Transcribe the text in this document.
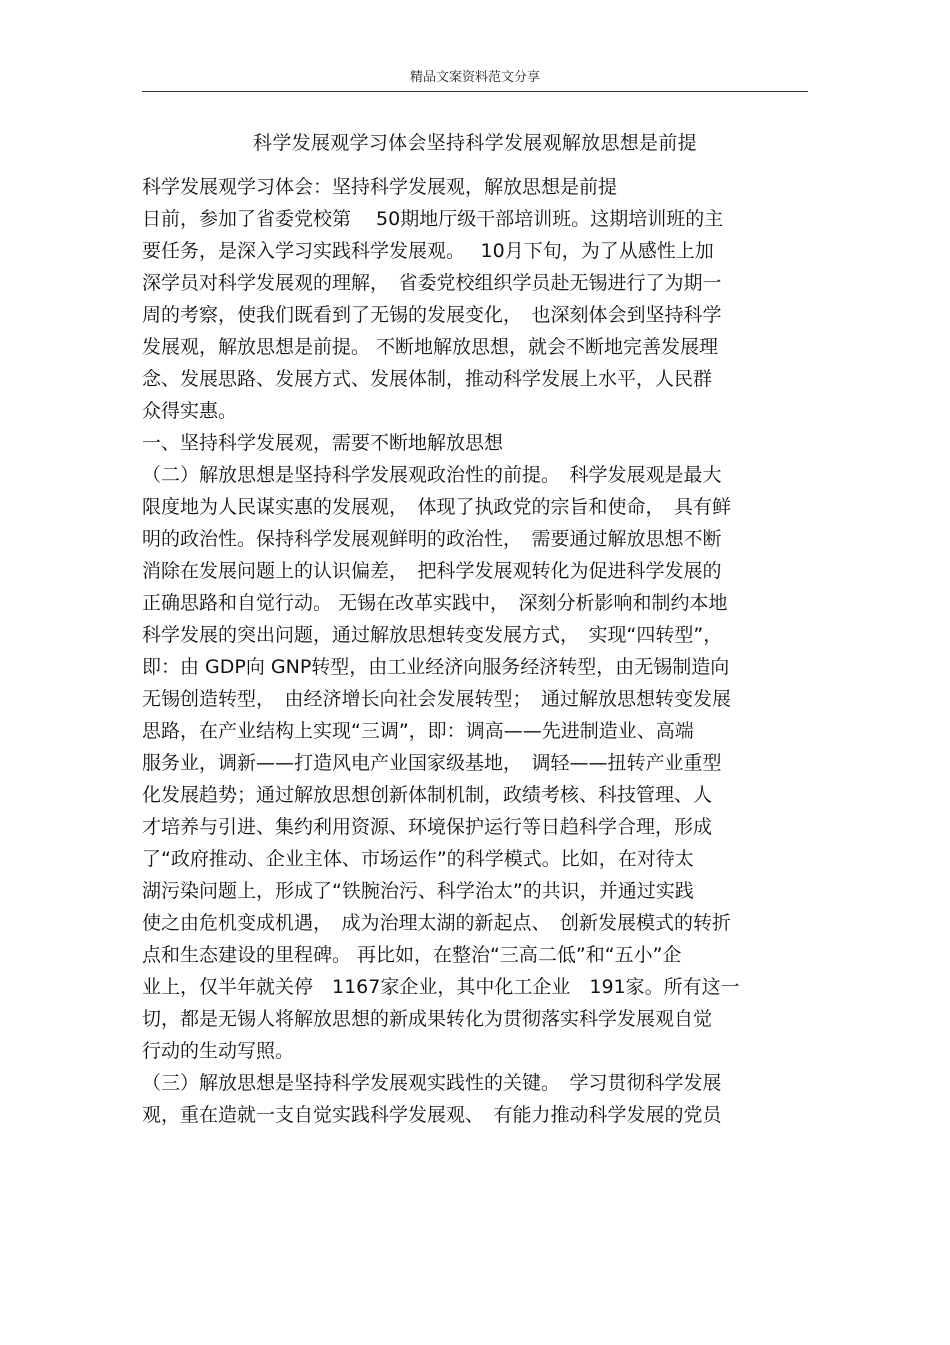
精品文案资料范文分享
科学发展观学习体会坚持科学发展观解放思想是前提
科学发展观学习体会：坚持科学发展观，解放思想是前提
日前，参加了省委党校第　 50期地厅级干部培训班。这期培训班的主
要任务，是深入学习实践科学发展观。　 10月下旬，为了从感性上加
深学员对科学发展观的理解，　省委党校组织学员赴无锡进行了为期一
周的考察，使我们既看到了无锡的发展变化，　也深刻体会到坚持科学
发展观，解放思想是前提。 不断地解放思想，就会不断地完善发展理
念、发展思路、发展方式、发展体制，推动科学发展上水平，人民群
众得实惠。
一、坚持科学发展观，需要不断地解放思想
（二）解放思想是坚持科学发展观政治性的前提。　科学发展观是最大
限度地为人民谋实惠的发展观，　体现了执政党的宗旨和使命，　具有鲜
明的政治性。保持科学发展观鲜明的政治性，　需要通过解放思想不断
消除在发展问题上的认识偏差，　把科学发展观转化为促进科学发展的
正确思路和自觉行动。 无锡在改革实践中，　深刻分析影响和制约本地
科学发展的突出问题，通过解放思想转变发展方式，　实现“四转型”，
即：由 GDP向 GNP转型，由工业经济向服务经济转型，由无锡制造向
无锡创造转型，　由经济增长向社会发展转型；　通过解放思想转变发展
思路，在产业结构上实现“三调”，即：调高——先进制造业、高端
服务业，调新——打造风电产业国家级基地，　调轻——扭转产业重型
化发展趋势；通过解放思想创新体制机制，政绩考核、科技管理、人
才培养与引进、集约利用资源、环境保护运行等日趋科学合理，形成
了“政府推动、企业主体、市场运作”的科学模式。比如，在对待太
湖污染问题上，形成了“铁腕治污、科学治太”的共识，并通过实践
使之由危机变成机遇，　成为治理太湖的新起点、　创新发展模式的转折
点和生态建设的里程碑。 再比如，在整治“三高二低”和“五小”企
业上，仅半年就关停　1167家企业，其中化工企业　191家。所有这一
切，都是无锡人将解放思想的新成果转化为贯彻落实科学发展观自觉
行动的生动写照。
（三）解放思想是坚持科学发展观实践性的关键。　学习贯彻科学发展
观，重在造就一支自觉实践科学发展观、　有能力推动科学发展的党员
